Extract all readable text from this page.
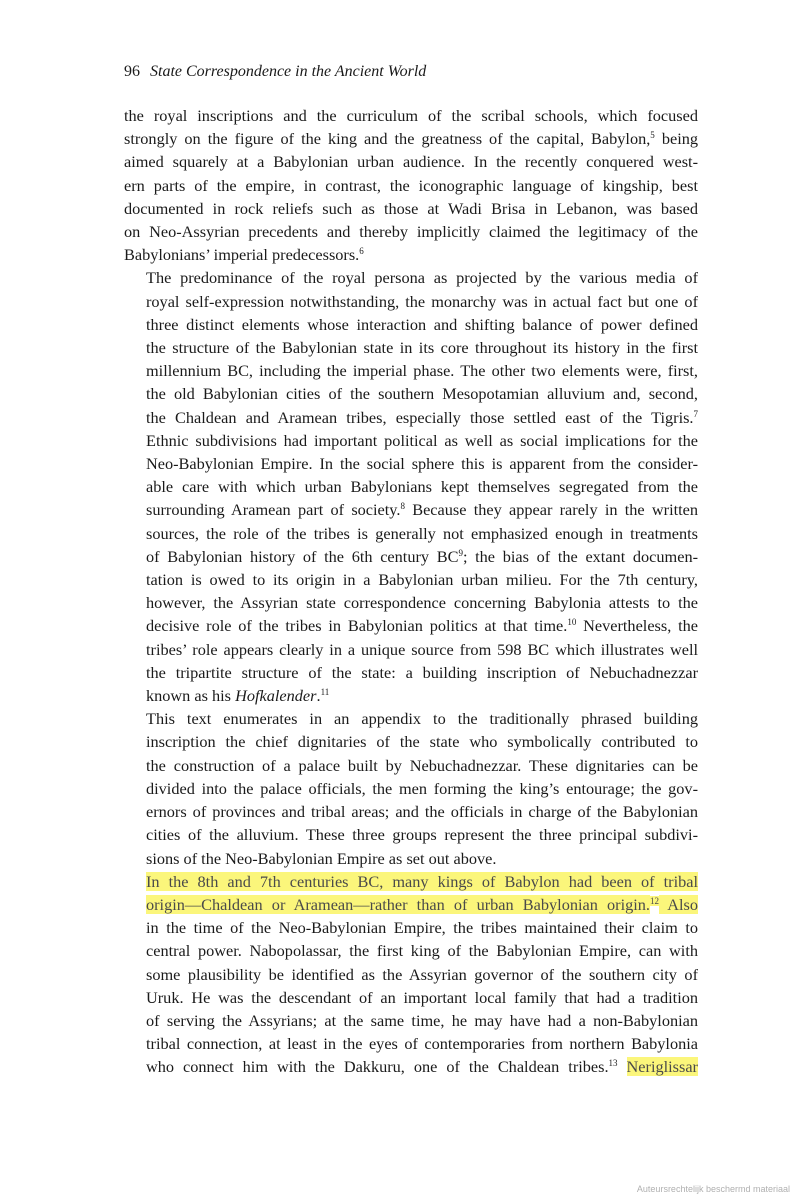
96 State Correspondence in the Ancient World

the royal inscriptions and the curriculum of the scribal schools, which focused
strongly on the figure of the king and the greatness of the capital, Babylon,$^5$ being
aimed squarely at a Babylonian urban audience. In the recently conquered west-
ern parts of the empire, in contrast, the iconographic language of kingship, best
documented in rock reliefs such as those at Wadi Brisa in Lebanon, was based
on Neo-Assyrian precedents and thereby implicitly claimed the legitimacy of the
Babylonians’ imperial predecessors.$^6$

The predominance of the royal persona as projected by the various media of
royal self-expression notwithstanding, the monarchy was in actual fact but one of
three distinct elements whose interaction and shifting balance of power defined
the structure of the Babylonian state in its core throughout its history in the first
millennium BC, including the imperial phase. The other two elements were, first,
the old Babylonian cities of the southern Mesopotamian alluvium and, second,
the Chaldean and Aramean tribes, especially those settled east of the Tigris.$^7$
Ethnic subdivisions had important political as well as social implications for the
Neo-Babylonian Empire. In the social sphere this is apparent from the consider-
able care with which urban Babylonians kept themselves segregated from the
surrounding Aramean part of society.$^8$ Because they appear rarely in the written
sources, the role of the tribes is generally not emphasized enough in treatments
of Babylonian history of the 6th century $BC^9$; the bias of the extant documen-
tation is owed to its origin in a Babylonian urban milieu. For the 7th century,
however, the Assyrian state correspondence concerning Babylonia attests to the
decisive role of the tribes in Babylonian politics at that time.$^{10}$ Nevertheless, the
tribes’ role appears clearly in a unique source from 598 BC which illustrates well
the tripartite structure of the state: a building inscription of Nebuchadnezzar
known as his Hofkalender.$^{11}$

This text enumerates in an appendix to the traditionally phrased building
inscription the chief dignitaries of the state who symbolically contributed to
the construction of a palace built by Nebuchadnezzar. These dignitaries can be
divided into the palace officials, the men forming the king’s entourage; the gov-
ernors of provinces and tribal areas; and the officials in charge of the Babylonian
cities of the alluvium. These three groups represent the three principal subdivi-
sions of the Neo-Babylonian Empire as set out above.

In the 8th and 7th centuries BC, many kings of Babylon had been of tribal
origin—Chaldean or Aramean—rather than of urban Babylonian origin.$^{12}$ Also
in the time of the Neo-Babylonian Empire, the tribes maintained their claim to
central power. Nabopolassar, the first king of the Babylonian Empire, can with
some plausibility be identified as the Assyrian governor of the southern city of
Uruk. He was the descendant of an important local family that had a tradition
of serving the Assyrians; at the same time, he may have had a non-Babylonian
tribal connection, at least in the eyes of contemporaries from northern Babylonia
who connect him with the Dakkuru, one of the Chaldean tribes.$^{13}$ Neriglissar

Auteursrechtelijk beschermd materiaal
